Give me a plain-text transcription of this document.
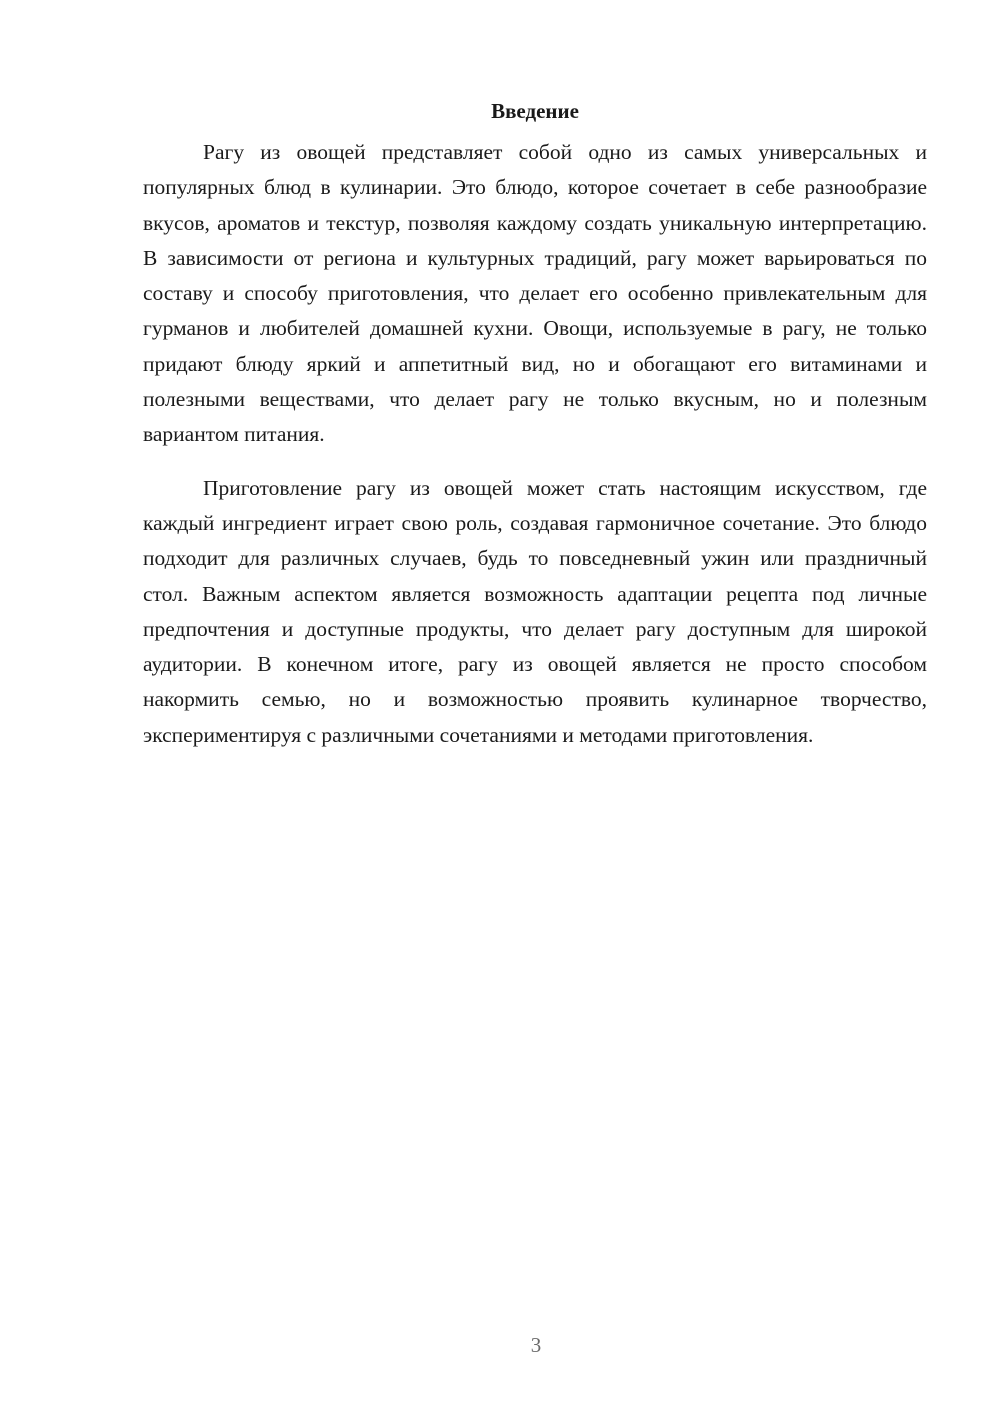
Введение

Рагу из овощей представляет собой одно из самых универсальных и популярных блюд в кулинарии. Это блюдо, которое сочетает в себе разнообразие вкусов, ароматов и текстур, позволяя каждому создать уникальную интерпретацию. В зависимости от региона и культурных традиций, рагу может варьироваться по составу и способу приготовления, что делает его особенно привлекательным для гурманов и любителей домашней кухни. Овощи, используемые в рагу, не только придают блюду яркий и аппетитный вид, но и обогащают его витаминами и полезными веществами, что делает рагу не только вкусным, но и полезным вариантом питания.

Приготовление рагу из овощей может стать настоящим искусством, где каждый ингредиент играет свою роль, создавая гармоничное сочетание. Это блюдо подходит для различных случаев, будь то повседневный ужин или праздничный стол. Важным аспектом является возможность адаптации рецепта под личные предпочтения и доступные продукты, что делает рагу доступным для широкой аудитории. В конечном итоге, рагу из овощей является не просто способом накормить семью, но и возможностью проявить кулинарное творчество, экспериментируя с различными сочетаниями и методами приготовления.

3
